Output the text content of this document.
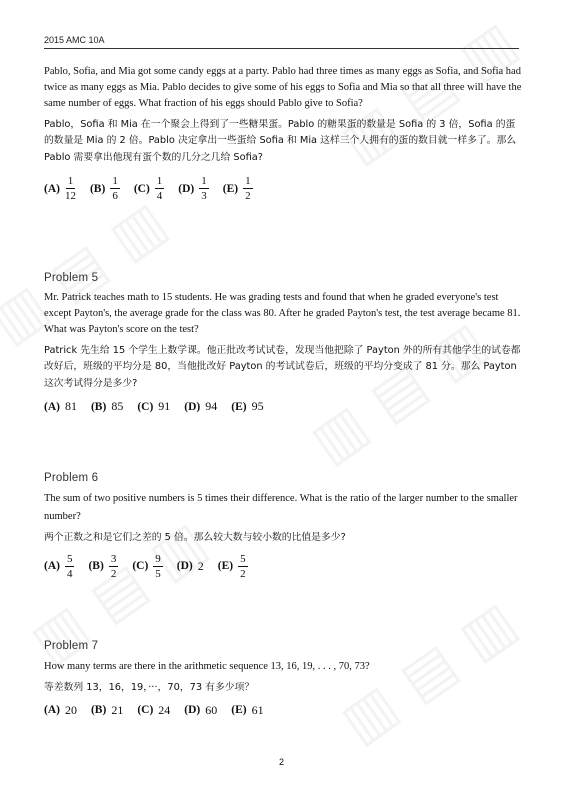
2015 AMC 10A

Pablo, Sofia, and Mia got some candy eggs at a party. Pablo had three times as many eggs as Sofia, and Sofia had twice as many eggs as Mia. Pablo decides to give some of his eggs to Sofia and Mia so that all three will have the same number of eggs. What fraction of his eggs should Pablo give to Sofia?

Pablo，Sofia 和 Mia 在一个聚会上得到了一些糖果蛋。Pablo 的糖果蛋的数量是 Sofia 的 3 倍，Sofia 的蛋的数量是 Mia 的 2 倍。Pablo 决定拿出一些蛋给 Sofia 和 Mia 这样三个人拥有的蛋的数目就一样多了。那么 Pablo 需要拿出他现有蛋个数的几分之几给 Sofia?

$(A) \frac{1}{12} (B) \frac{1}{6} (C) \frac{1}{4} (D) \frac{1}{3} (E) \frac{1}{2}$

Problem 5

Mr. Patrick teaches math to 15 students. He was grading tests and found that when he graded everyone's test except Payton's, the average grade for the class was 80. After he graded Payton's test, the test average became 81. What was Payton's score on the test?

Patrick 先生给 15 个学生上数学课。他正批改考试试卷，发现当他把除了 Payton 外的所有其他学生的试卷都改好后，班级的平均分是 80，当他批改好 Payton 的考试试卷后，班级的平均分变成了 81 分。那么 Payton 这次考试得分是多少?

(A) 81 (B) 85 (C) 91 (D) 94 (E) 95

Problem 6

The sum of two positive numbers is 5 times their difference. What is the ratio of the larger number to the smaller number?

两个正数之和是它们之差的 5 倍。那么较大数与较小数的比值是多少?

$(A) \frac{5}{4} (B) \frac{3}{2} (C) \frac{9}{5} (D)$ 2 $(E) \frac{5}{2}$

Problem 7

How many terms are there in the arithmetic sequence 13, 16, 19, . . . , 70, 73?

等差数列 13，16，19，···，70，73 有多少项？

(A) 20 (B) 21 (C) 24 (D) 60 (E) 61
2
